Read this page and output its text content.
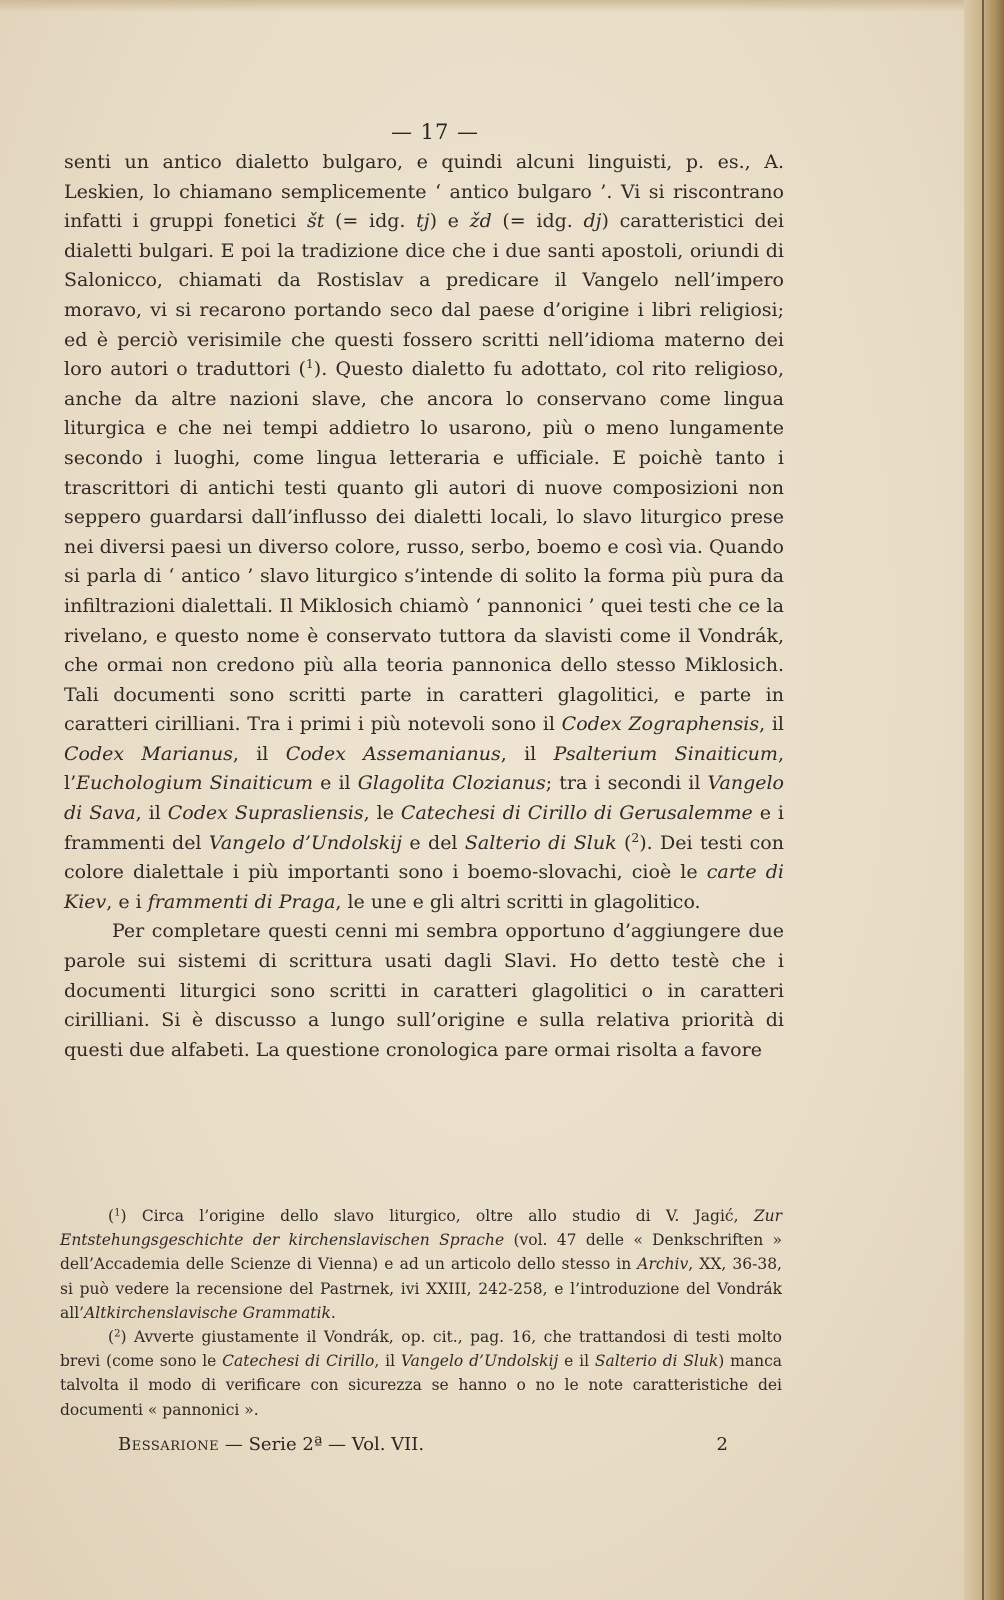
— 17 —

senti un antico dialetto bulgaro, e quindi alcuni linguisti, p. es., A. Leskien, lo chiamano semplicemente ‘ antico bulgaro ’. Vi si riscontrano infatti i gruppi fonetici št (= idg. tj) e žd (= idg. dj) caratteristici dei dialetti bulgari. E poi la tradizione dice che i due santi apostoli, oriundi di Salonicco, chiamati da Rostislav a predicare il Vangelo nell’impero moravo, vi si recarono portando seco dal paese d’origine i libri religiosi; ed è perciò verisimile che questi fossero scritti nell’idioma materno dei loro autori o traduttori ($^1$). Questo dialetto fu adottato, col rito religioso, anche da altre nazioni slave, che ancora lo conservano come lingua liturgica e che nei tempi addietro lo usarono, più o meno lungamente secondo i luoghi, come lingua letteraria e ufficiale. E poichè tanto i trascrittori di antichi testi quanto gli autori di nuove composizioni non seppero guardarsi dall’influsso dei dialetti locali, lo slavo liturgico prese nei diversi paesi un diverso colore, russo, serbo, boemo e così via. Quando si parla di ‘ antico ’ slavo liturgico s’intende di solito la forma più pura da infiltrazioni dialettali. Il Miklosich chiamò ‘ pannonici ’ quei testi che ce la rivelano, e questo nome è conservato tuttora da slavisti come il Vondrák, che ormai non credono più alla teoria pannonica dello stesso Miklosich. Tali documenti sono scritti parte in caratteri glagolitici, e parte in caratteri cirilliani. Tra i primi i più notevoli sono il Codex Zographensis, il Codex Marianus, il Codex Assemanianus, il Psalterium Sinaiticum, l’Euchologium Sinaiticum e il Glagolita Clozianus; tra i secondi il Vangelo di Sava, il Codex Suprasliensis, le Catechesi di Cirillo di Gerusalemme e i frammenti del Vangelo d’Undolskij e del Salterio di Sluk ($^2$). Dei testi con colore dialettale i più importanti sono i boemo-slovachi, cioè le carte di Kiev, e i frammenti di Praga, le une e gli altri scritti in glagolitico.

Per completare questi cenni mi sembra opportuno d’aggiungere due parole sui sistemi di scrittura usati dagli Slavi. Ho detto testè che i documenti liturgici sono scritti in caratteri glagolitici o in caratteri cirilliani. Si è discusso a lungo sull’origine e sulla relativa priorità di questi due alfabeti. La questione cronologica pare ormai risolta a favore

($^1$) Circa l’origine dello slavo liturgico, oltre allo studio di V. Jagić, Zur Entstehungsgeschichte der kirchenslavischen Sprache (vol. 47 delle « Denkschriften » dell’Accademia delle Scienze di Vienna) e ad un articolo dello stesso in Archiv, XX, 36-38, si può vedere la recensione del Pastrnek, ivi XXIII, 242-258, e l’introduzione del Vondrák all’Altkirchenslavische Grammatik.

($^2$) Avverte giustamente il Vondrák, op. cit., pag. 16, che trattandosi di testi molto brevi (come sono le Catechesi di Cirillo, il Vangelo d’Undolskij e il Salterio di Sluk) manca talvolta il modo di verificare con sicurezza se hanno o no le note caratteristiche dei documenti « pannonici ».

Bessarione — Serie 2ª — Vol. VII.	2
